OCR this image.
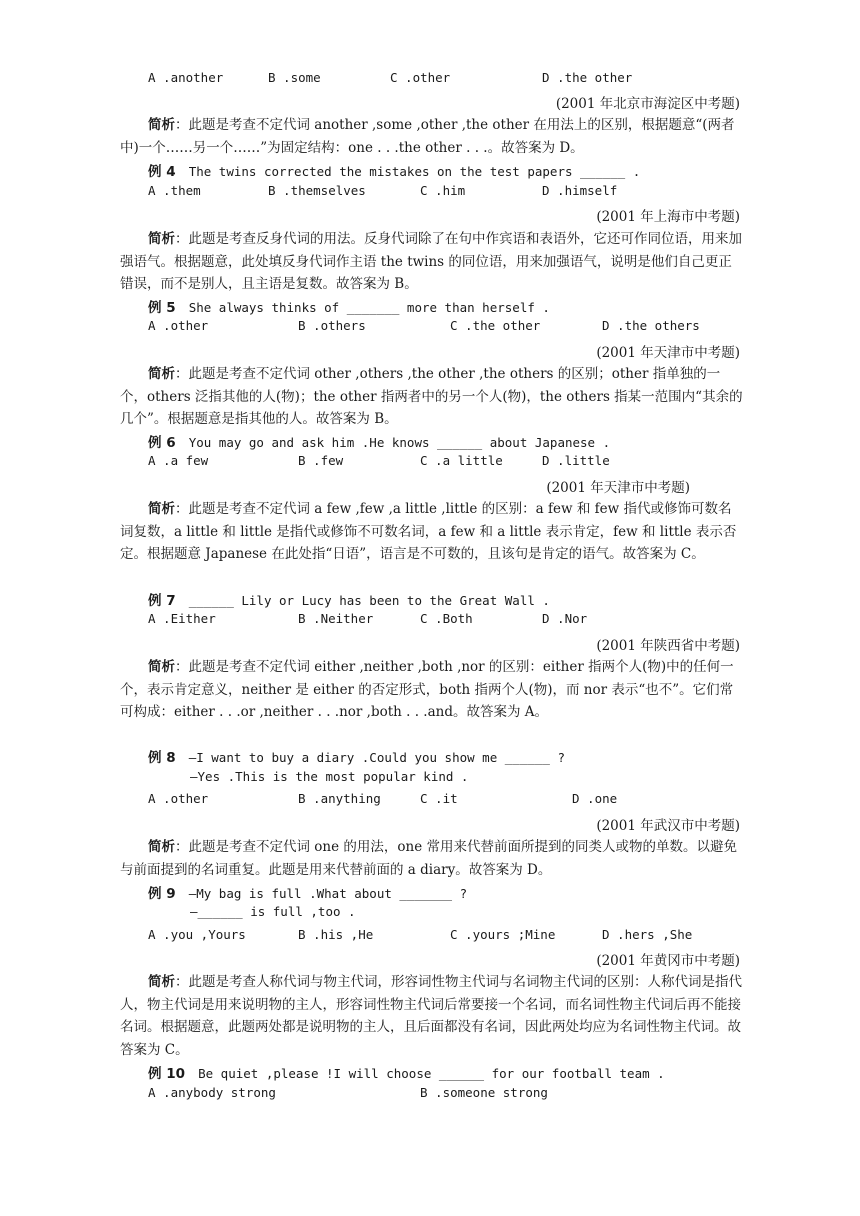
A .another	B .some	C .other	D .the other
(2001 年北京市海淀区中考题)
简析：此题是考查不定代词 another ,some ,other ,the other 在用法上的区别，根据题意“(两者中)一个……另一个……”为固定结构：one . . .the other . . .。故答案为 D。
例 4 The twins corrected the mistakes on the test papers ______ .
A .them	B .themselves	C .him	D .himself
(2001 年上海市中考题)
简析：此题是考查反身代词的用法。反身代词除了在句中作宾语和表语外，它还可作同位语，用来加强语气。根据题意，此处填反身代词作主语 the twins 的同位语，用来加强语气，说明是他们自己更正错误，而不是别人，且主语是复数。故答案为 B。
例 5 She always thinks of _______ more than herself .
A .other	B .others	C .the other	D .the others
(2001 年天津市中考题)
简析：此题是考查不定代词 other ,others ,the other ,the others 的区别；other 指单独的一个，others 泛指其他的人(物)；the other 指两者中的另一个人(物)，the others 指某一范围内“其余的几个”。根据题意是指其他的人。故答案为 B。
例 6 You may go and ask him .He knows ______ about Japanese .
A .a few	B .few	C .a little	D .little
(2001 年天津市中考题)
简析：此题是考查不定代词 a few ,few ,a little ,little 的区别：a few 和 few 指代或修饰可数名词复数，a little 和 little 是指代或修饰不可数名词，a few 和 a little 表示肯定，few 和 little 表示否定。根据题意 Japanese 在此处指“日语”，语言是不可数的，且该句是肯定的语气。故答案为 C。
例 7 ______ Lily or Lucy has been to the Great Wall .
A .Either	B .Neither	C .Both	D .Nor
(2001 年陕西省中考题)
简析：此题是考查不定代词 either ,neither ,both ,nor 的区别：either 指两个人(物)中的任何一个，表示肯定意义，neither 是 either 的否定形式，both 指两个人(物)，而 nor 表示“也不”。它们常可构成：either . . .or ,neither . . .nor ,both . . .and。故答案为 A。
例 8 —I want to buy a diary .Could you show me ______ ?
—Yes .This is the most popular kind .
A .other	B .anything	C .it	D .one
(2001 年武汉市中考题)
简析：此题是考查不定代词 one 的用法，one 常用来代替前面所提到的同类人或物的单数。以避免与前面提到的名词重复。此题是用来代替前面的 a diary。故答案为 D。
例 9 —My bag is full .What about _______ ?
—______ is full ,too .
A .you ,Yours	B .his ,He	C .yours ;Mine	D .hers ,She
(2001 年黄冈市中考题)
简析：此题是考查人称代词与物主代词，形容词性物主代词与名词物主代词的区别：人称代词是指代人，物主代词是用来说明物的主人，形容词性物主代词后常要接一个名词，而名词性物主代词后再不能接名词。根据题意，此题两处都是说明物的主人，且后面都没有名词，因此两处均应为名词性物主代词。故答案为 C。
例 10 Be quiet ,please !I will choose ______ for our football team .
A .anybody strong	B .someone strong
